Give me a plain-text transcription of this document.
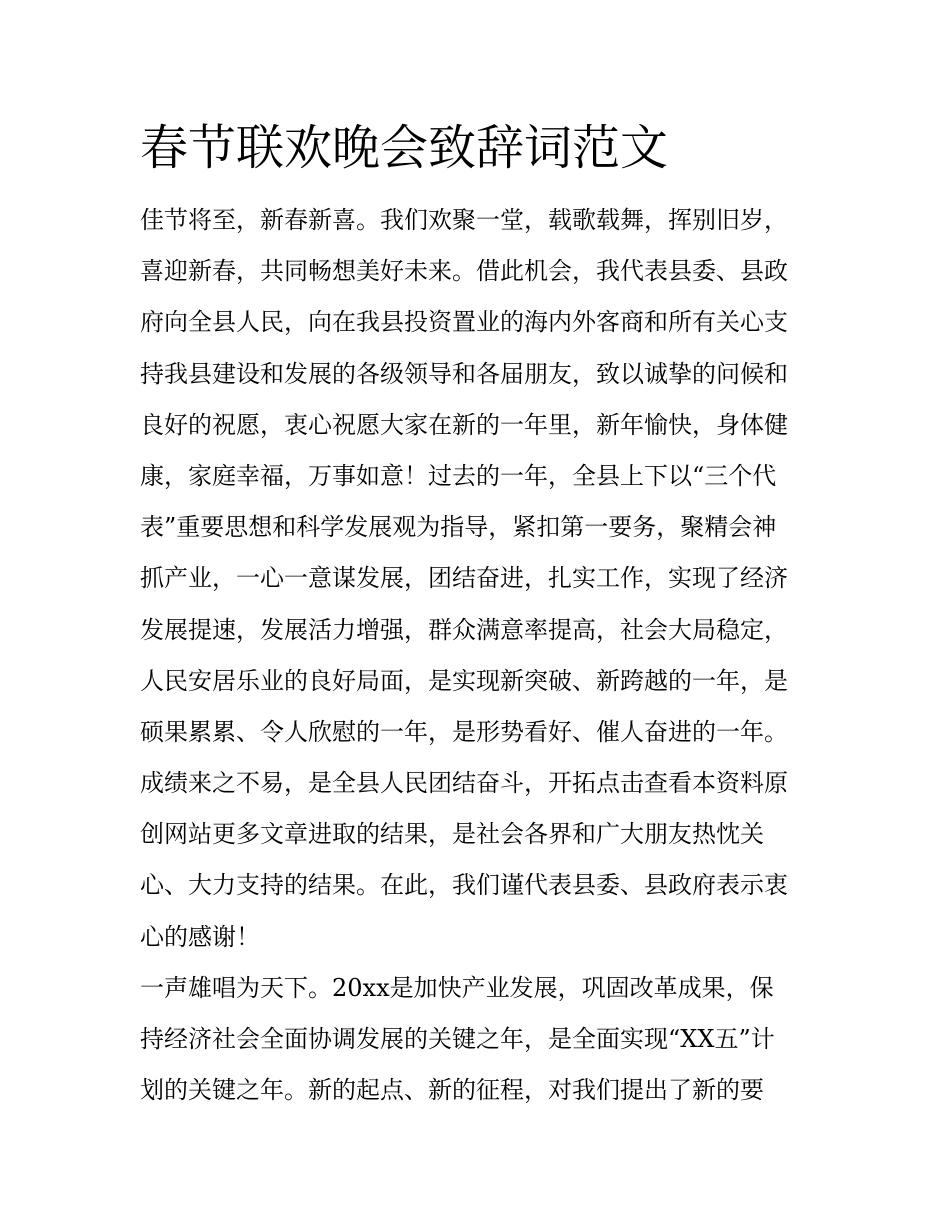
春节联欢晚会致辞词范文
佳节将至，新春新喜。我们欢聚一堂，载歌载舞，挥别旧岁，
喜迎新春，共同畅想美好未来。借此机会，我代表县委、县政
府向全县人民，向在我县投资置业的海内外客商和所有关心支
持我县建设和发展的各级领导和各届朋友，致以诚挚的问候和
良好的祝愿，衷心祝愿大家在新的一年里，新年愉快，身体健
康，家庭幸福，万事如意！过去的一年，全县上下以“三个代
表”重要思想和科学发展观为指导，紧扣第一要务，聚精会神
抓产业，一心一意谋发展，团结奋进，扎实工作，实现了经济
发展提速，发展活力增强，群众满意率提高，社会大局稳定，
人民安居乐业的良好局面，是实现新突破、新跨越的一年，是
硕果累累、令人欣慰的一年，是形势看好、催人奋进的一年。
成绩来之不易，是全县人民团结奋斗，开拓点击查看本资料原
创网站更多文章进取的结果，是社会各界和广大朋友热忱关
心、大力支持的结果。在此，我们谨代表县委、县政府表示衷
心的感谢！
一声雄唱为天下。20xx是加快产业发展，巩固改革成果，保
持经济社会全面协调发展的关键之年，是全面实现“XX五”计
划的关键之年。新的起点、新的征程，对我们提出了新的要
